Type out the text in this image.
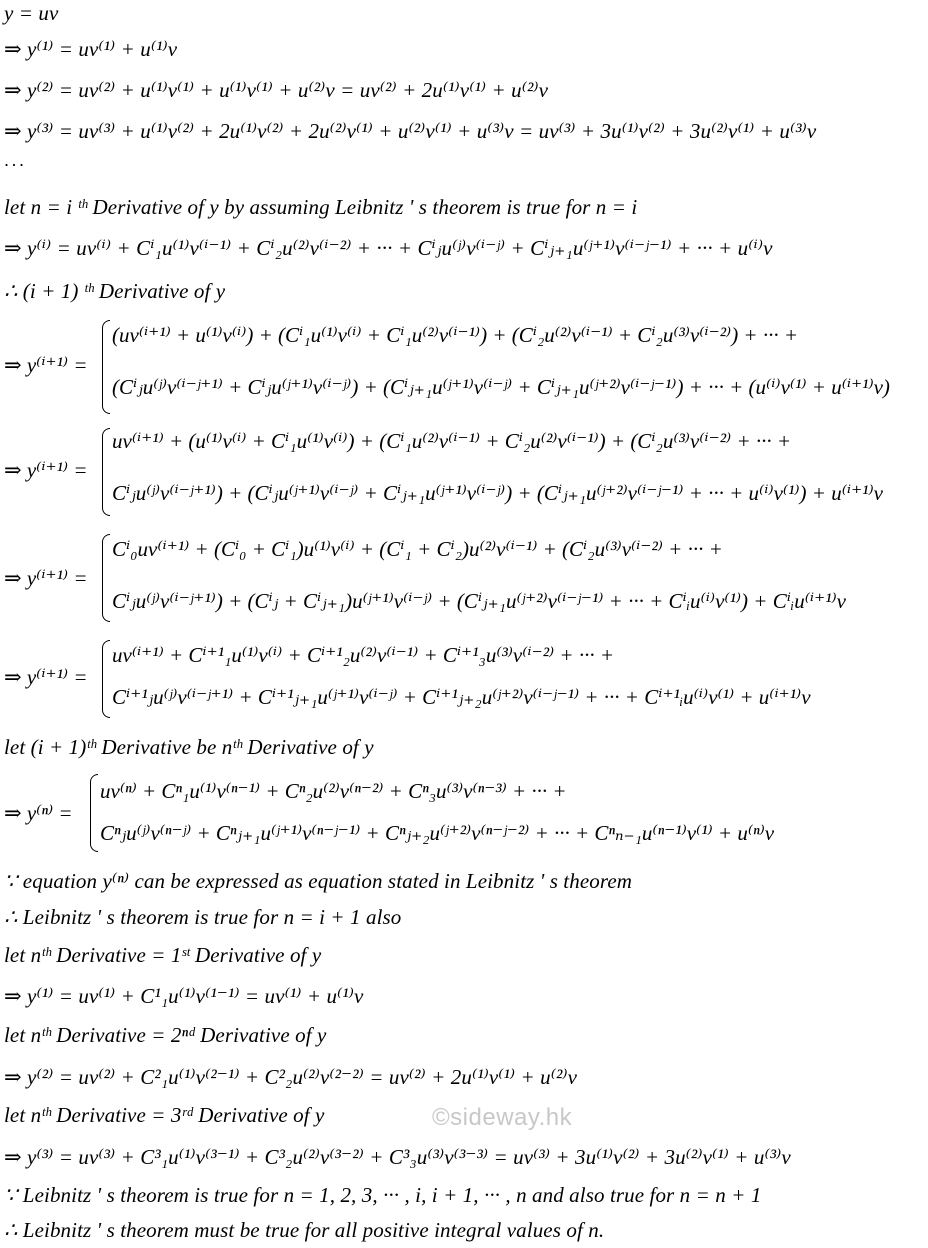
y = uv
⇒ y⁽¹⁾ = uv⁽¹⁾ + u⁽¹⁾v
⇒ y⁽²⁾ = uv⁽²⁾ + u⁽¹⁾v⁽¹⁾ + u⁽¹⁾v⁽¹⁾ + u⁽²⁾v = uv⁽²⁾ + 2u⁽¹⁾v⁽¹⁾ + u⁽²⁾v
⇒ y⁽³⁾ = uv⁽³⁾ + u⁽¹⁾v⁽²⁾ + 2u⁽¹⁾v⁽²⁾ + 2u⁽²⁾v⁽¹⁾ + u⁽²⁾v⁽¹⁾ + u⁽³⁾v = uv⁽³⁾ + 3u⁽¹⁾v⁽²⁾ + 3u⁽²⁾v⁽¹⁾ + u⁽³⁾v
···
let n = i ᵗʰ Derivative of y by assuming Leibnitz ' s theorem is true for n = i
⇒ y⁽ⁱ⁾ = uv⁽ⁱ⁾ + Cⁱ₁u⁽¹⁾v⁽ⁱ⁻¹⁾ + Cⁱ₂u⁽²⁾v⁽ⁱ⁻²⁾ + ··· + Cⁱⱼu⁽ʲ⁾v⁽ⁱ⁻ʲ⁾ + Cⁱⱼ₊₁u⁽ʲ⁺¹⁾v⁽ⁱ⁻ʲ⁻¹⁾ + ··· + u⁽ⁱ⁾v
∴ (i + 1) ᵗʰ Derivative of y
⇒ y⁽ⁱ⁺¹⁾ =
(uv⁽ⁱ⁺¹⁾ + u⁽¹⁾v⁽ⁱ⁾) + (Cⁱ₁u⁽¹⁾v⁽ⁱ⁾ + Cⁱ₁u⁽²⁾v⁽ⁱ⁻¹⁾) + (Cⁱ₂u⁽²⁾v⁽ⁱ⁻¹⁾ + Cⁱ₂u⁽³⁾v⁽ⁱ⁻²⁾) + ··· +
(Cⁱⱼu⁽ʲ⁾v⁽ⁱ⁻ʲ⁺¹⁾ + Cⁱⱼu⁽ʲ⁺¹⁾v⁽ⁱ⁻ʲ⁾) + (Cⁱⱼ₊₁u⁽ʲ⁺¹⁾v⁽ⁱ⁻ʲ⁾ + Cⁱⱼ₊₁u⁽ʲ⁺²⁾v⁽ⁱ⁻ʲ⁻¹⁾) + ··· + (u⁽ⁱ⁾v⁽¹⁾ + u⁽ⁱ⁺¹⁾v)
⇒ y⁽ⁱ⁺¹⁾ =
uv⁽ⁱ⁺¹⁾ + (u⁽¹⁾v⁽ⁱ⁾ + Cⁱ₁u⁽¹⁾v⁽ⁱ⁾) + (Cⁱ₁u⁽²⁾v⁽ⁱ⁻¹⁾ + Cⁱ₂u⁽²⁾v⁽ⁱ⁻¹⁾) + (Cⁱ₂u⁽³⁾v⁽ⁱ⁻²⁾ + ··· +
Cⁱⱼu⁽ʲ⁾v⁽ⁱ⁻ʲ⁺¹⁾) + (Cⁱⱼu⁽ʲ⁺¹⁾v⁽ⁱ⁻ʲ⁾ + Cⁱⱼ₊₁u⁽ʲ⁺¹⁾v⁽ⁱ⁻ʲ⁾) + (Cⁱⱼ₊₁u⁽ʲ⁺²⁾v⁽ⁱ⁻ʲ⁻¹⁾ + ··· + u⁽ⁱ⁾v⁽¹⁾) + u⁽ⁱ⁺¹⁾v
⇒ y⁽ⁱ⁺¹⁾ =
Cⁱ₀uv⁽ⁱ⁺¹⁾ + (Cⁱ₀ + Cⁱ₁)u⁽¹⁾v⁽ⁱ⁾ + (Cⁱ₁ + Cⁱ₂)u⁽²⁾v⁽ⁱ⁻¹⁾ + (Cⁱ₂u⁽³⁾v⁽ⁱ⁻²⁾ + ··· +
Cⁱⱼu⁽ʲ⁾v⁽ⁱ⁻ʲ⁺¹⁾) + (Cⁱⱼ + Cⁱⱼ₊₁)u⁽ʲ⁺¹⁾v⁽ⁱ⁻ʲ⁾ + (Cⁱⱼ₊₁u⁽ʲ⁺²⁾v⁽ⁱ⁻ʲ⁻¹⁾ + ··· + Cⁱᵢu⁽ⁱ⁾v⁽¹⁾) + Cⁱᵢu⁽ⁱ⁺¹⁾v
⇒ y⁽ⁱ⁺¹⁾ =
uv⁽ⁱ⁺¹⁾ + Cⁱ⁺¹₁u⁽¹⁾v⁽ⁱ⁾ + Cⁱ⁺¹₂u⁽²⁾v⁽ⁱ⁻¹⁾ + Cⁱ⁺¹₃u⁽³⁾v⁽ⁱ⁻²⁾ + ··· +
Cⁱ⁺¹ⱼu⁽ʲ⁾v⁽ⁱ⁻ʲ⁺¹⁾ + Cⁱ⁺¹ⱼ₊₁u⁽ʲ⁺¹⁾v⁽ⁱ⁻ʲ⁾ + Cⁱ⁺¹ⱼ₊₂u⁽ʲ⁺²⁾v⁽ⁱ⁻ʲ⁻¹⁾ + ··· + Cⁱ⁺¹ᵢu⁽ⁱ⁾v⁽¹⁾ + u⁽ⁱ⁺¹⁾v
let (i + 1)ᵗʰ Derivative be nᵗʰ Derivative of y
⇒ y⁽ⁿ⁾ =
uv⁽ⁿ⁾ + Cⁿ₁u⁽¹⁾v⁽ⁿ⁻¹⁾ + Cⁿ₂u⁽²⁾v⁽ⁿ⁻²⁾ + Cⁿ₃u⁽³⁾v⁽ⁿ⁻³⁾ + ··· +
Cⁿⱼu⁽ʲ⁾v⁽ⁿ⁻ʲ⁾ + Cⁿⱼ₊₁u⁽ʲ⁺¹⁾v⁽ⁿ⁻ʲ⁻¹⁾ + Cⁿⱼ₊₂u⁽ʲ⁺²⁾v⁽ⁿ⁻ʲ⁻²⁾ + ··· + Cⁿₙ₋₁u⁽ⁿ⁻¹⁾v⁽¹⁾ + u⁽ⁿ⁾v
∵ equation y⁽ⁿ⁾ can be expressed as equation stated in Leibnitz ' s theorem
∴ Leibnitz ' s theorem is true for n = i + 1 also
let nᵗʰ Derivative = 1ˢᵗ Derivative of y
⇒ y⁽¹⁾ = uv⁽¹⁾ + C¹₁u⁽¹⁾v⁽¹⁻¹⁾ = uv⁽¹⁾ + u⁽¹⁾v
let nᵗʰ Derivative = 2ⁿᵈ Derivative of y
⇒ y⁽²⁾ = uv⁽²⁾ + C²₁u⁽¹⁾v⁽²⁻¹⁾ + C²₂u⁽²⁾v⁽²⁻²⁾ = uv⁽²⁾ + 2u⁽¹⁾v⁽¹⁾ + u⁽²⁾v
let nᵗʰ Derivative = 3ʳᵈ Derivative of y
⇒ y⁽³⁾ = uv⁽³⁾ + C³₁u⁽¹⁾v⁽³⁻¹⁾ + C³₂u⁽²⁾v⁽³⁻²⁾ + C³₃u⁽³⁾v⁽³⁻³⁾ = uv⁽³⁾ + 3u⁽¹⁾v⁽²⁾ + 3u⁽²⁾v⁽¹⁾ + u⁽³⁾v
∵ Leibnitz ' s theorem is true for n = 1, 2, 3, ··· , i, i + 1, ··· , n and also true for n = n + 1
∴ Leibnitz ' s theorem must be true for all positive integral values of n.
©sideway.hk
